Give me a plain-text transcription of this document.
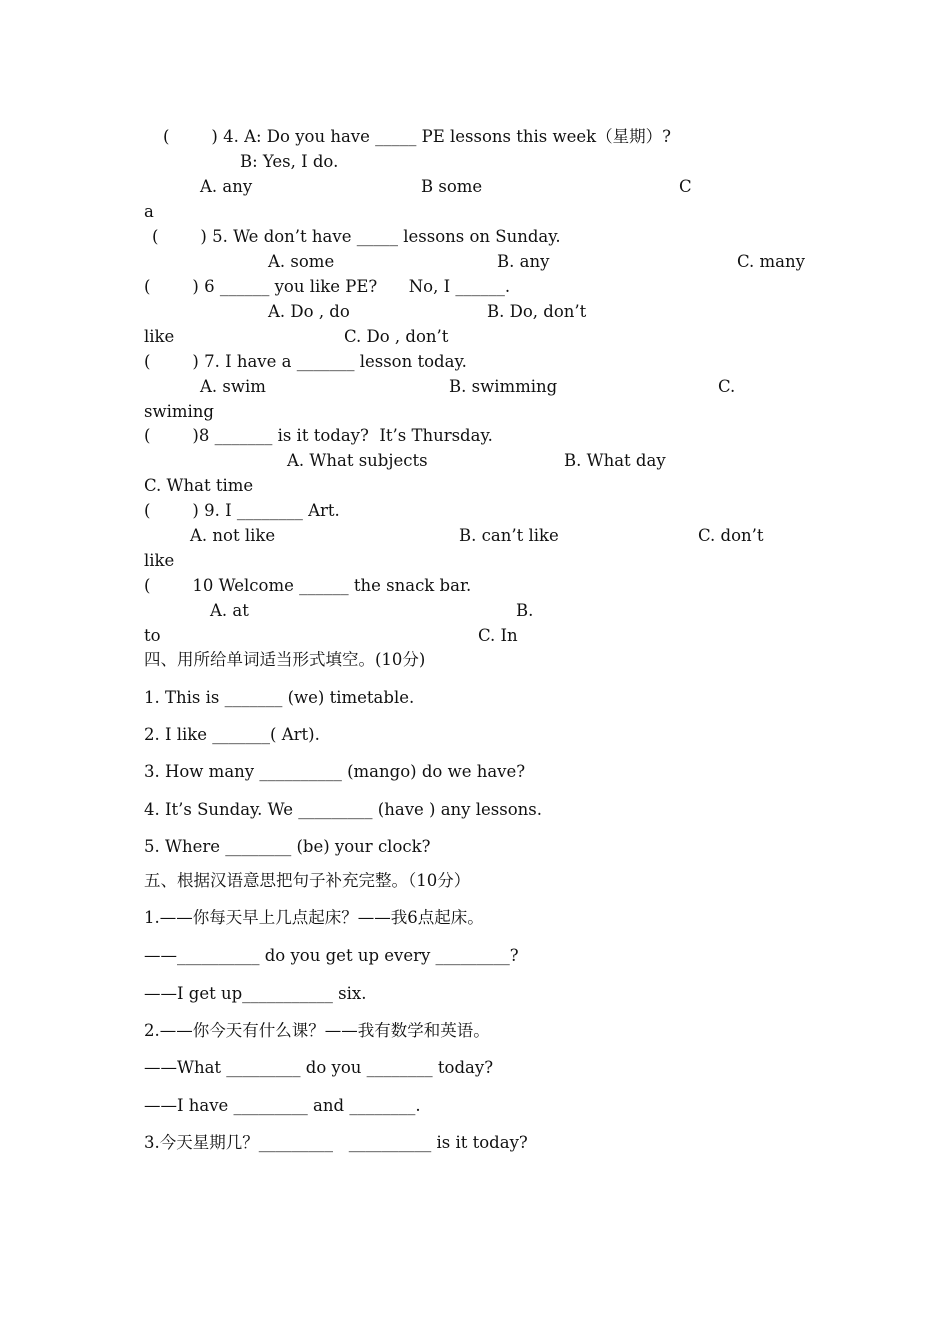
(        ) 4. A: Do you have _____ PE lessons this week（星期）?
B: Yes, I do.
A. any	B some	C
a
(        ) 5. We don’t have _____ lessons on Sunday.
A. some	B. any	C. many
(        ) 6 ______ you like PE?      No, I ______.
A. Do , do	B. Do, don’t
like	C. Do , don’t
(        ) 7. I have a _______ lesson today.
A. swim	B. swimming	C.
swiming
(        )8 _______ is it today?  It’s Thursday.
A. What subjects	B. What day
C. What time
(        ) 9. I ________ Art.
A. not like	B. can’t like	C. don’t
like
(        10 Welcome ______ the snack bar.
A. at	B.
to	C. In
四、用所给单词适当形式填空。(10分)
1. This is _______ (we) timetable.
2. I like _______( Art).
3. How many __________ (mango) do we have?
4. It’s Sunday. We _________ (have ) any lessons.
5. Where ________ (be) your clock?
五、根据汉语意思把句子补充完整。（10分）
1.——你每天早上几点起床？——我6点起床。
——__________ do you get up every _________?
——I get up___________ six.
2.——你今天有什么课？——我有数学和英语。
——What _________ do you ________ today?
——I have _________ and ________.
3.今天星期几？_________   __________ is it today?
